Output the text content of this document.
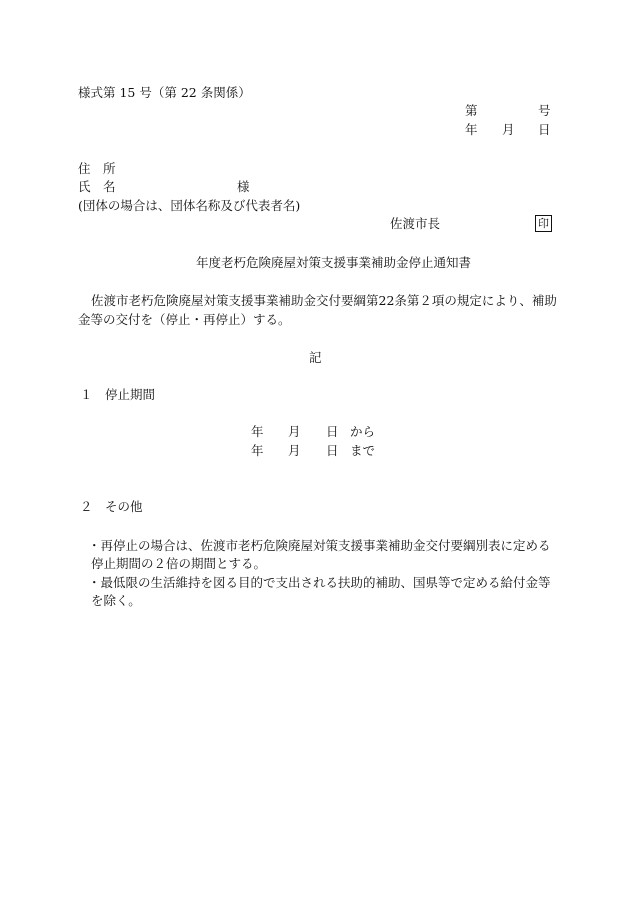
様式第 15 号（第 22 条関係）
第	号
年 月 日
住　所
氏　名	様
(団体の場合は、団体名称及び代表者名)
佐渡市長	印
年度老朽危険廃屋対策支援事業補助金停止通知書
佐渡市老朽危険廃屋対策支援事業補助金交付要綱第22条第２項の規定により、補助
金等の交付を（停止・再停止）する。
記
１　停止期間
年 月 日 から
年 月 日 まで
２　その他
・再停止の場合は、佐渡市老朽危険廃屋対策支援事業補助金交付要綱別表に定める
停止期間の２倍の期間とする。
・最低限の生活維持を図る目的で支出される扶助的補助、国県等で定める給付金等
を除く。
